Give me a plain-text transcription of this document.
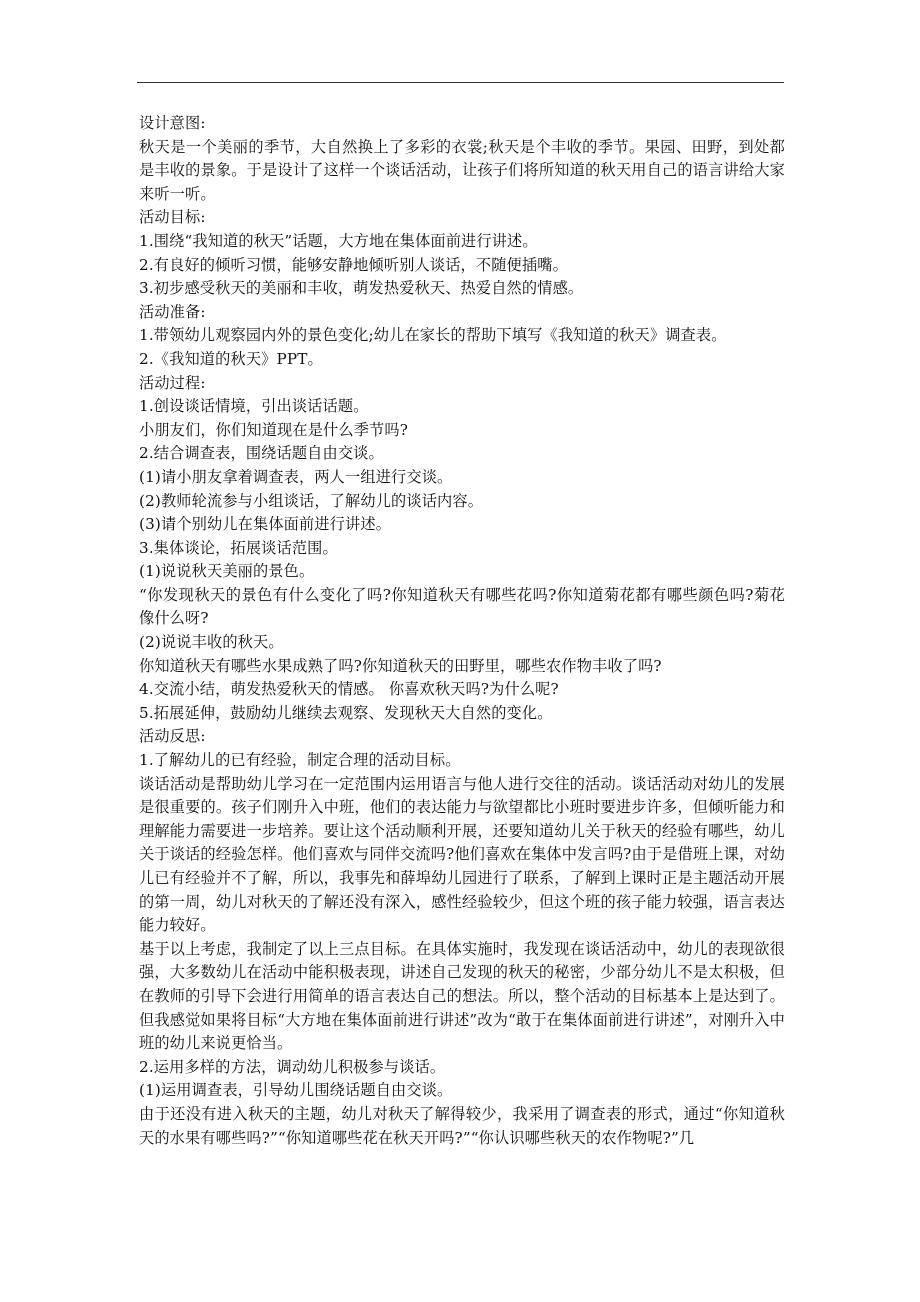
设计意图:

秋天是一个美丽的季节，大自然换上了多彩的衣裳;秋天是个丰收的季节。果园、田野，到处都是丰收的景象。于是设计了这样一个谈话活动，让孩子们将所知道的秋天用自己的语言讲给大家来听一听。

活动目标:

1.围绕“我知道的秋天”话题，大方地在集体面前进行讲述。

2.有良好的倾听习惯，能够安静地倾听别人谈话，不随便插嘴。

3.初步感受秋天的美丽和丰收，萌发热爱秋天、热爱自然的情感。

活动准备:

1.带领幼儿观察园内外的景色变化;幼儿在家长的帮助下填写《我知道的秋天》调查表。

2.《我知道的秋天》PPT。

活动过程:

1.创设谈话情境，引出谈话话题。

小朋友们，你们知道现在是什么季节吗?

2.结合调查表，围绕话题自由交谈。

(1)请小朋友拿着调查表，两人一组进行交谈。

(2)教师轮流参与小组谈话，了解幼儿的谈话内容。

(3)请个别幼儿在集体面前进行讲述。

3.集体谈论，拓展谈话范围。

(1)说说秋天美丽的景色。

“你发现秋天的景色有什么变化了吗?你知道秋天有哪些花吗?你知道菊花都有哪些颜色吗?菊花像什么呀?

(2)说说丰收的秋天。

你知道秋天有哪些水果成熟了吗?你知道秋天的田野里，哪些农作物丰收了吗?

4.交流小结，萌发热爱秋天的情感。 你喜欢秋天吗?为什么呢?

5.拓展延伸，鼓励幼儿继续去观察、发现秋天大自然的变化。

活动反思:

1.了解幼儿的已有经验，制定合理的活动目标。

谈话活动是帮助幼儿学习在一定范围内运用语言与他人进行交往的活动。谈话活动对幼儿的发展是很重要的。孩子们刚升入中班，他们的表达能力与欲望都比小班时要进步许多，但倾听能力和理解能力需要进一步培养。要让这个活动顺利开展，还要知道幼儿关于秋天的经验有哪些，幼儿关于谈话的经验怎样。他们喜欢与同伴交流吗?他们喜欢在集体中发言吗?由于是借班上课，对幼儿已有经验并不了解，所以，我事先和薛埠幼儿园进行了联系，了解到上课时正是主题活动开展的第一周，幼儿对秋天的了解还没有深入，感性经验较少，但这个班的孩子能力较强，语言表达能力较好。

基于以上考虑，我制定了以上三点目标。在具体实施时，我发现在谈话活动中，幼儿的表现欲很强，大多数幼儿在活动中能积极表现，讲述自己发现的秋天的秘密，少部分幼儿不是太积极，但在教师的引导下会进行用简单的语言表达自己的想法。所以，整个活动的目标基本上是达到了。但我感觉如果将目标“大方地在集体面前进行讲述”改为“敢于在集体面前进行讲述”，对刚升入中班的幼儿来说更恰当。

2.运用多样的方法，调动幼儿积极参与谈话。

(1)运用调查表，引导幼儿围绕话题自由交谈。

由于还没有进入秋天的主题，幼儿对秋天了解得较少，我采用了调查表的形式，通过“你知道秋天的水果有哪些吗?”“你知道哪些花在秋天开吗?”“你认识哪些秋天的农作物呢?”几
